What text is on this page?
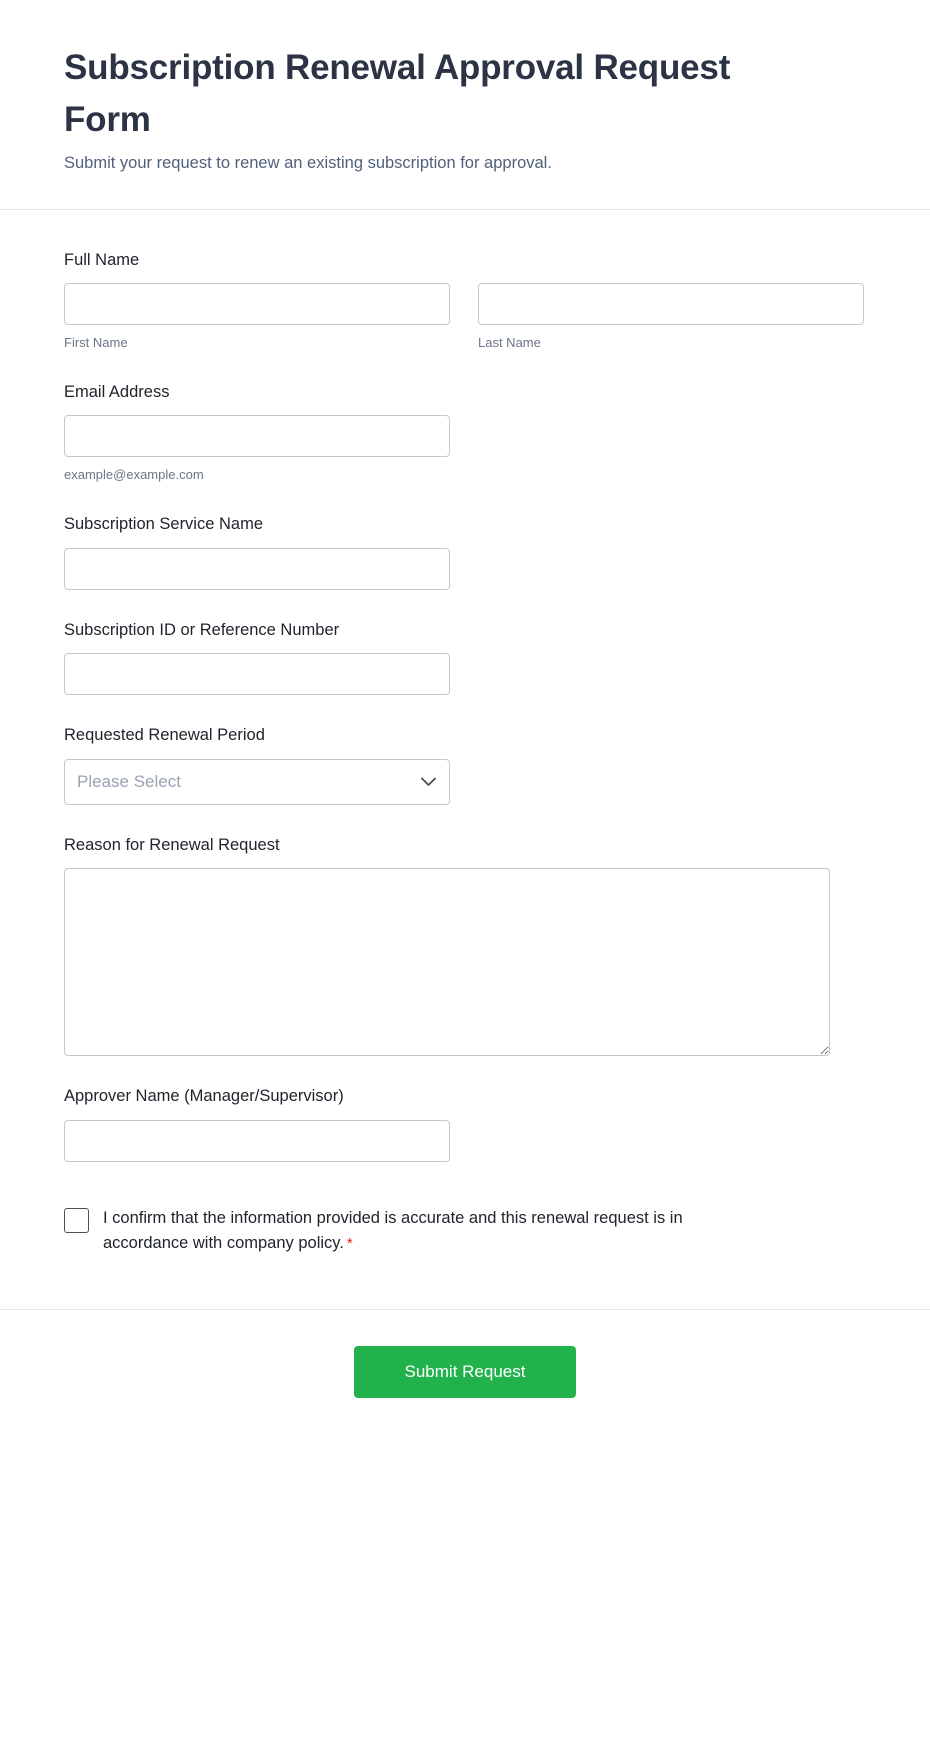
Subscription Renewal Approval Request Form

Submit your request to renew an existing subscription for approval.

Full Name
First Name	Last Name
Email Address
example@example.com
Subscription Service Name
Subscription ID or Reference Number
Requested Renewal Period
Please Select
Reason for Renewal Request
Approver Name (Manager/Supervisor)
I confirm that the information provided is accurate and this renewal request is in accordance with company policy. *
Submit Request
